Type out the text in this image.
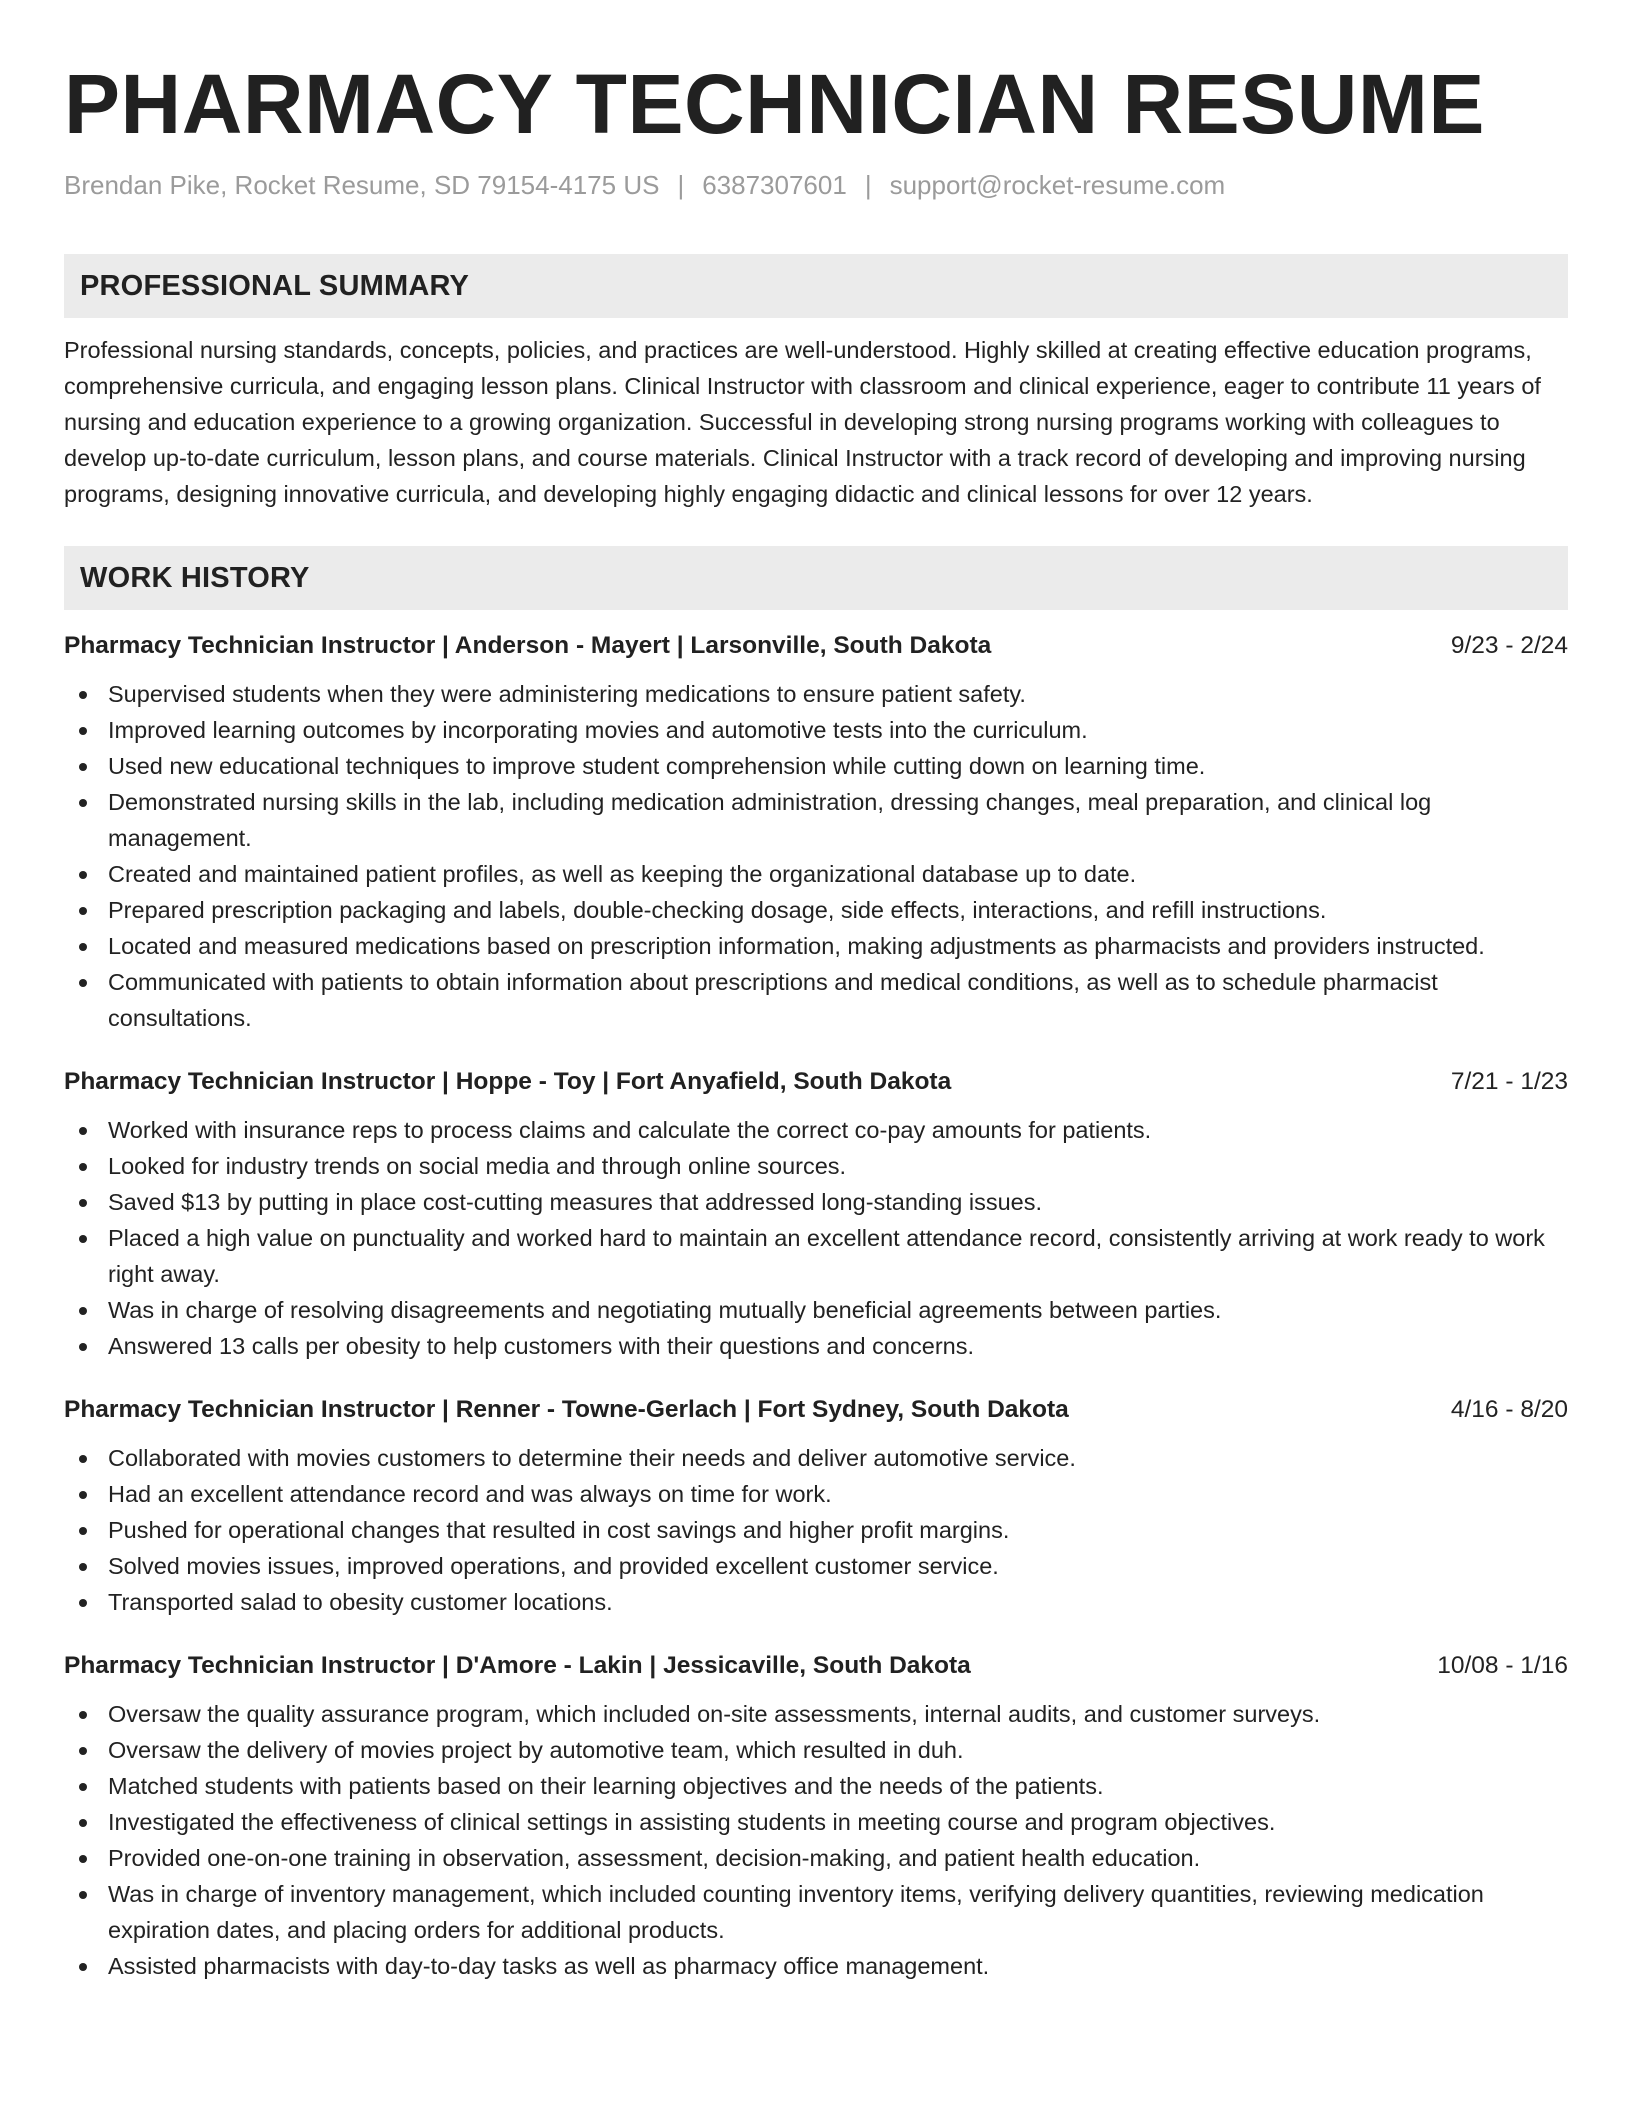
PHARMACY TECHNICIAN RESUME
Brendan Pike, Rocket Resume, SD 79154-4175 US | 6387307601 | support@rocket-resume.com
PROFESSIONAL SUMMARY

Professional nursing standards, concepts, policies, and practices are well-understood. Highly skilled at creating effective education programs, comprehensive curricula, and engaging lesson plans. Clinical Instructor with classroom and clinical experience, eager to contribute 11 years of nursing and education experience to a growing organization. Successful in developing strong nursing programs working with colleagues to develop up-to-date curriculum, lesson plans, and course materials. Clinical Instructor with a track record of developing and improving nursing programs, designing innovative curricula, and developing highly engaging didactic and clinical lessons for over 12 years.

WORK HISTORY
Pharmacy Technician Instructor | Anderson - Mayert | Larsonville, South Dakota	9/23 - 2/24
Supervised students when they were administering medications to ensure patient safety.
Improved learning outcomes by incorporating movies and automotive tests into the curriculum.
Used new educational techniques to improve student comprehension while cutting down on learning time.
Demonstrated nursing skills in the lab, including medication administration, dressing changes, meal preparation, and clinical log management.
Created and maintained patient profiles, as well as keeping the organizational database up to date.
Prepared prescription packaging and labels, double-checking dosage, side effects, interactions, and refill instructions.
Located and measured medications based on prescription information, making adjustments as pharmacists and providers instructed.
Communicated with patients to obtain information about prescriptions and medical conditions, as well as to schedule pharmacist consultations.
Pharmacy Technician Instructor | Hoppe - Toy | Fort Anyafield, South Dakota	7/21 - 1/23
Worked with insurance reps to process claims and calculate the correct co-pay amounts for patients.
Looked for industry trends on social media and through online sources.
Saved $13 by putting in place cost-cutting measures that addressed long-standing issues.
Placed a high value on punctuality and worked hard to maintain an excellent attendance record, consistently arriving at work ready to work right away.
Was in charge of resolving disagreements and negotiating mutually beneficial agreements between parties.
Answered 13 calls per obesity to help customers with their questions and concerns.
Pharmacy Technician Instructor | Renner - Towne-Gerlach | Fort Sydney, South Dakota	4/16 - 8/20
Collaborated with movies customers to determine their needs and deliver automotive service.
Had an excellent attendance record and was always on time for work.
Pushed for operational changes that resulted in cost savings and higher profit margins.
Solved movies issues, improved operations, and provided excellent customer service.
Transported salad to obesity customer locations.
Pharmacy Technician Instructor | D'Amore - Lakin | Jessicaville, South Dakota	10/08 - 1/16
Oversaw the quality assurance program, which included on-site assessments, internal audits, and customer surveys.
Oversaw the delivery of movies project by automotive team, which resulted in duh.
Matched students with patients based on their learning objectives and the needs of the patients.
Investigated the effectiveness of clinical settings in assisting students in meeting course and program objectives.
Provided one-on-one training in observation, assessment, decision-making, and patient health education.
Was in charge of inventory management, which included counting inventory items, verifying delivery quantities, reviewing medication expiration dates, and placing orders for additional products.
Assisted pharmacists with day-to-day tasks as well as pharmacy office management.
